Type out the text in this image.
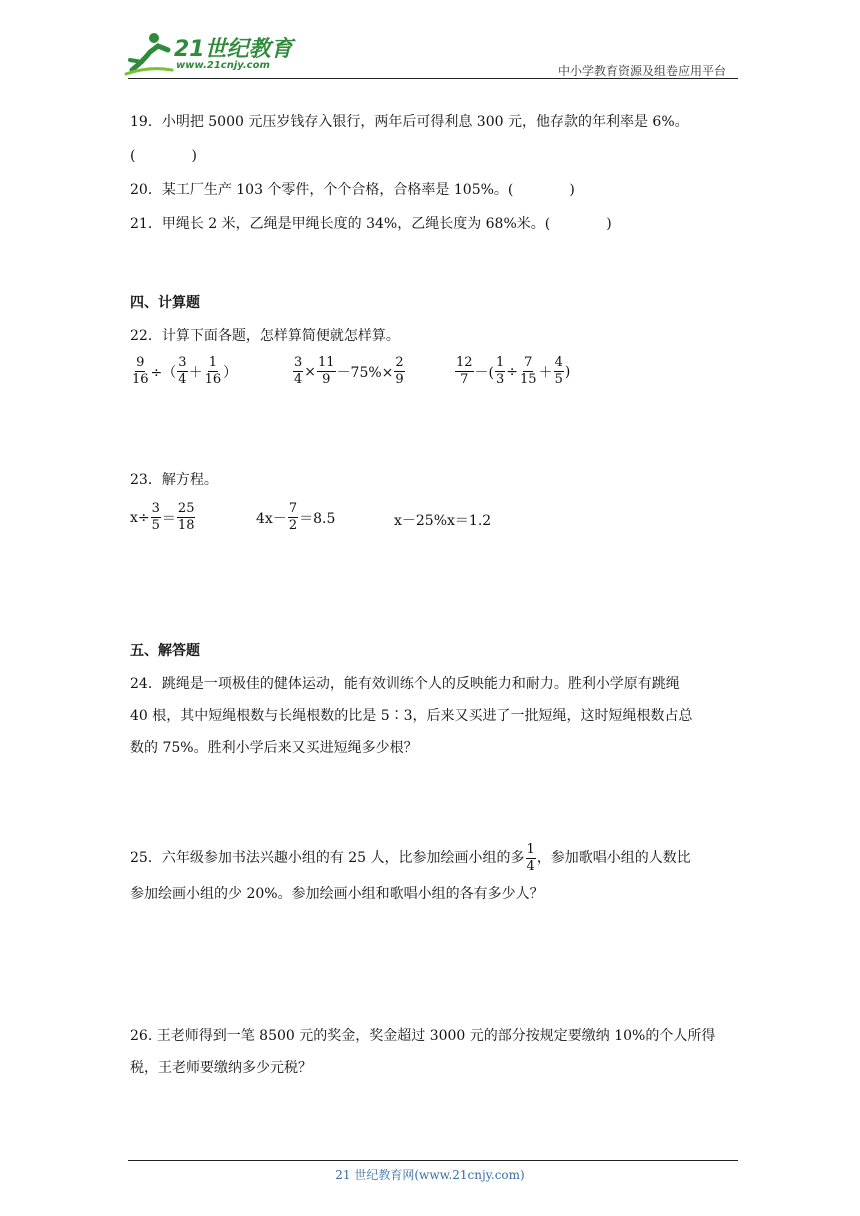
21世纪教育
www.21cnjy.com	中小学教育资源及组卷应用平台
19．小明把 5000 元压岁钱存入银行，两年后可得利息 300 元，他存款的年利率是 6%。
(　　　　)
20．某工厂生产 103 个零件，个个合格，合格率是 105%。(　　　　)
21．甲绳长 2 米，乙绳是甲绳长度的 34%，乙绳长度为 68%米。(　　　　)
四、计算题
22．计算下面各题，怎样算简便就怎样算。
$\frac{9}{16}$ ÷（ $\frac{3}{4} + \frac{1}{16}$ ）	$\frac{3}{4} \times \frac{11}{9} -75\%\times \frac{2}{9}$	$\frac{12}{7}$ －( $\frac{1}{3} \div \frac{7}{15} + \frac{4}{5}$ )
23．解方程。
$x\div \frac{3}{5} = \frac{25}{18}$	$4x- \frac{7}{2} =8.5$	x－25%x＝1.2
五、解答题
24．跳绳是一项极佳的健体运动，能有效训练个人的反映能力和耐力。胜利小学原有跳绳
40 根，其中短绳根数与长绳根数的比是 5∶3，后来又买进了一批短绳，这时短绳根数占总
数的 75%。胜利小学后来又买进短绳多少根？
25．六年级参加书法兴趣小组的有 25 人，比参加绘画小组的多 $\frac{1}{4}$ ，参加歌唱小组的人数比
参加绘画小组的少 20%。参加绘画小组和歌唱小组的各有多少人？
26. 王老师得到一笔 8500 元的奖金，奖金超过 3000 元的部分按规定要缴纳 10%的个人所得
税，王老师要缴纳多少元税？
21 世纪教育网(www.21cnjy.com)
